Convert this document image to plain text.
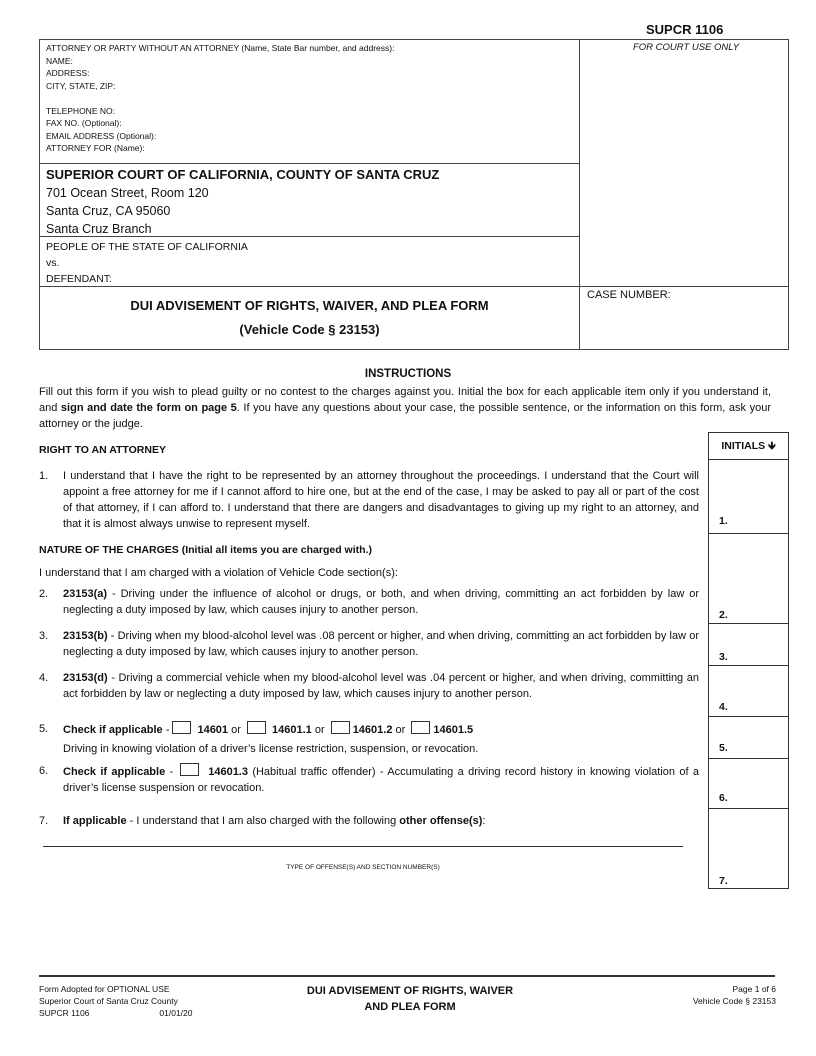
SUPCR 1106
ATTORNEY OR PARTY WITHOUT AN ATTORNEY (Name, State Bar number, and address):
NAME:
ADDRESS:
CITY, STATE, ZIP:
TELEPHONE NO:
FAX NO. (Optional):
EMAIL ADDRESS (Optional):
ATTORNEY FOR (Name):
FOR COURT USE ONLY
SUPERIOR COURT OF CALIFORNIA, COUNTY OF SANTA CRUZ
701 Ocean Street, Room 120
Santa Cruz, CA 95060
Santa Cruz Branch
PEOPLE OF THE STATE OF CALIFORNIA
vs.
DEFENDANT:
DUI ADVISEMENT OF RIGHTS, WAIVER, AND PLEA FORM
(Vehicle Code § 23153)
CASE NUMBER:
INSTRUCTIONS
Fill out this form if you wish to plead guilty or no contest to the charges against you. Initial the box for each applicable item only if you understand it, and sign and date the form on page 5. If you have any questions about your case, the possible sentence, or the information on this form, ask your attorney or the judge.
RIGHT TO AN ATTORNEY
1. I understand that I have the right to be represented by an attorney throughout the proceedings. I understand that the Court will appoint a free attorney for me if I cannot afford to hire one, but at the end of the case, I may be asked to pay all or part of the cost of that attorney, if I can afford to. I understand that there are dangers and disadvantages to giving up my right to an attorney, and that it is almost always unwise to represent myself.
NATURE OF THE CHARGES (Initial all items you are charged with.)
I understand that I am charged with a violation of Vehicle Code section(s):
2. 23153(a) - Driving under the influence of alcohol or drugs, or both, and when driving, committing an act forbidden by law or neglecting a duty imposed by law, which causes injury to another person.
3. 23153(b) - Driving when my blood-alcohol level was .08 percent or higher, and when driving, committing an act forbidden by law or neglecting a duty imposed by law, which causes injury to another person.
4. 23153(d) - Driving a commercial vehicle when my blood-alcohol level was .04 percent or higher, and when driving, committing an act forbidden by law or neglecting a duty imposed by law, which causes injury to another person.
5. Check if applicable -	14601 or	14601.1 or 14601.2 or 14601.5
Driving in knowing violation of a driver’s license restriction, suspension, or revocation.
6. Check if applicable -	14601.3 (Habitual traffic offender) - Accumulating a driving record history in knowing violation of a driver’s license suspension or revocation.
7. If applicable - I understand that I am also charged with the following other offense(s):
TYPE OF OFFENSE(S) AND SECTION NUMBER(S)
INITIALS 🡻
1.
2.
3.
4.
5.
6.
7.
Form Adopted for OPTIONAL USE
Superior Court of Santa Cruz County
SUPCR 1106	01/01/20
DUI ADVISEMENT OF RIGHTS, WAIVER
AND PLEA FORM
Page 1 of 6
Vehicle Code § 23153
